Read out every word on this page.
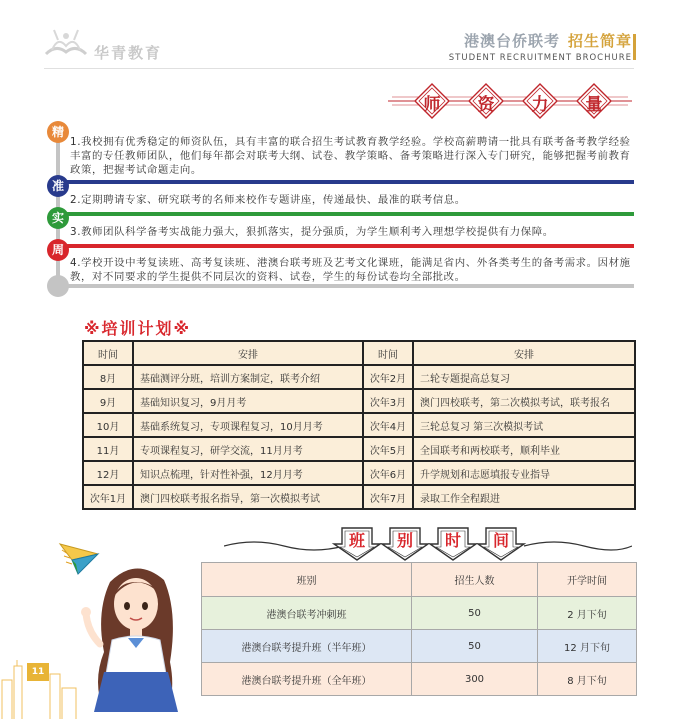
华青教育
港澳台侨联考 招生简章
STUDENT RECRUITMENT BROCHURE
师 资 力 量
精
1.我校拥有优秀稳定的师资队伍，具有丰富的联合招生考试教育教学经验。学校高薪聘请一批具有联考备考教学经验丰富的专任教师团队，他们每年都会对联考大纲、试卷、教学策略、备考策略进行深入专门研究，能够把握考前教育政策，把握考试命题走向。
准
2.定期聘请专家、研究联考的名师来校作专题讲座，传递最快、最准的联考信息。
实
3.教师团队科学备考实战能力强大，狠抓落实，提分强质，为学生顺利考入理想学校提供有力保障。
周
4.学校开设中考复读班、高考复读班、港澳台联考班及艺考文化课班，能满足省内、外各类考生的备考需求。因材施教，对不同要求的学生提供不同层次的资料、试卷，学生的每份试卷均全部批改。
※培训计划※
时间	安排	时间	安排
8月	基础测评分班，培训方案制定，联考介绍	次年2月	二轮专题提高总复习
9月	基础知识复习，9月月考	次年3月	澳门四校联考，第二次模拟考试，联考报名
10月	基础系统复习，专项课程复习，10月月考	次年4月	三轮总复习 第三次模拟考试
11月	专项课程复习，研学交流，11月月考	次年5月	全国联考和两校联考，顺利毕业
12月	知识点梳理，针对性补强，12月月考	次年6月	升学规划和志愿填报专业指导
次年1月	澳门四校联考报名指导，第一次模拟考试	次年7月	录取工作全程跟进
班 别 时 间
班别	招生人数	开学时间
港澳台联考冲刺班	50	2 月下旬
港澳台联考提升班（半年班）	50	12 月下旬
港澳台联考提升班（全年班）	300	8 月下旬
11
